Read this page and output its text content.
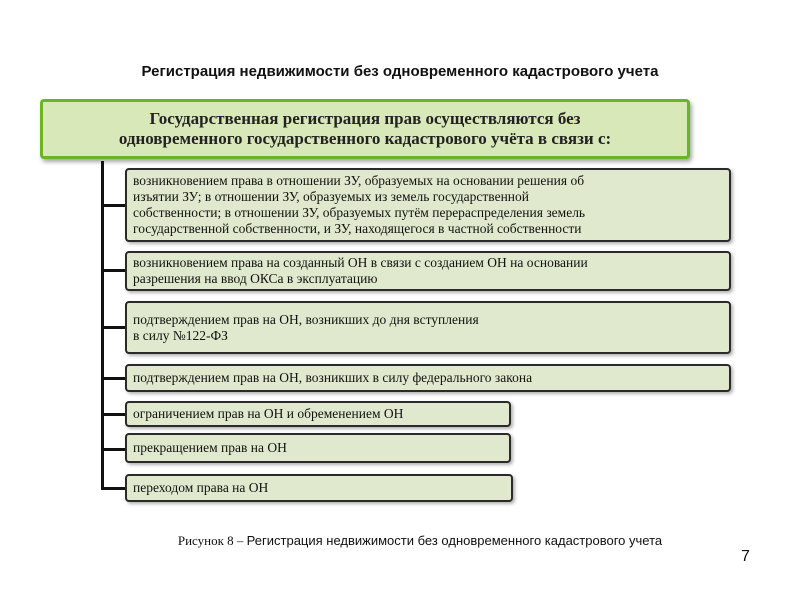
Регистрация недвижимости без одновременного кадастрового учета
Государственная регистрация прав осуществляются без
одновременного государственного кадастрового учёта в связи с:
возникновением права в отношении ЗУ, образуемых на основании решения об
изъятии ЗУ; в отношении ЗУ, образуемых из земель государственной
собственности; в отношении ЗУ, образуемых путём перераспределения земель
государственной собственности, и ЗУ, находящегося в частной собственности
возникновением права на созданный ОН в связи с созданием ОН на основании
разрешения на ввод ОКСа в эксплуатацию
подтверждением прав на ОН, возникших до дня вступления
в силу №122-ФЗ
подтверждением прав на ОН, возникших в силу федерального закона
ограничением прав на ОН и обременением ОН
прекращением прав на ОН
переходом права на ОН
Рисунок 8 – Регистрация недвижимости без одновременного кадастрового учета
7
